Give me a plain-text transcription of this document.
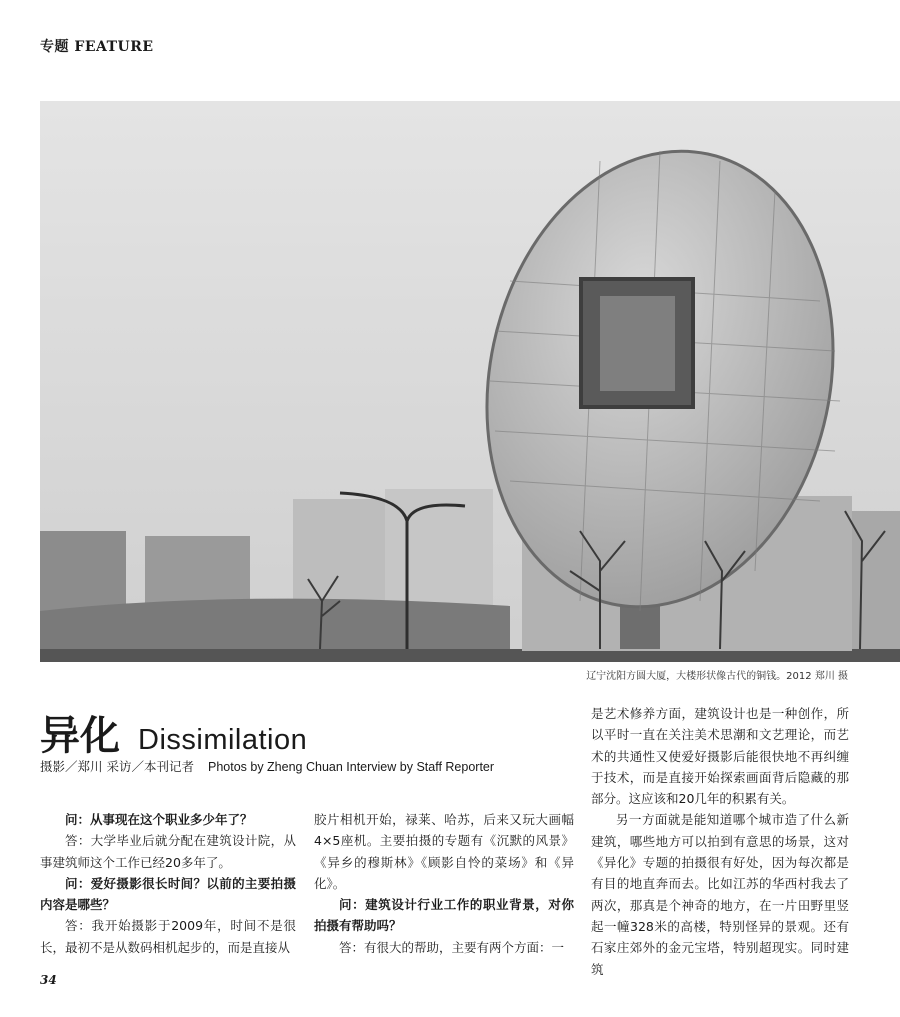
专题 FEATURE
辽宁沈阳方圆大厦，大楼形状像古代的铜钱。2012 郑川 摄
异化 Dissimilation
摄影／郑川 采访／本刊记者 Photos by Zheng Chuan Interview by Staff Reporter

问：从事现在这个职业多少年了？

答：大学毕业后就分配在建筑设计院，从事建筑师这个工作已经20多年了。

问：爱好摄影很长时间？以前的主要拍摄内容是哪些？

答：我开始摄影于2009年，时间不是很长，最初不是从数码相机起步的，而是直接从

胶片相机开始，禄莱、哈苏，后来又玩大画幅4×5座机。主要拍摄的专题有《沉默的风景》《异乡的穆斯林》《顾影自怜的菜场》和《异化》。

问：建筑设计行业工作的职业背景，对你拍摄有帮助吗？

答：有很大的帮助，主要有两个方面：一

是艺术修养方面，建筑设计也是一种创作，所以平时一直在关注美术思潮和文艺理论，而艺术的共通性又使爱好摄影后能很快地不再纠缠于技术，而是直接开始探索画面背后隐藏的那部分。这应该和20几年的积累有关。

另一方面就是能知道哪个城市造了什么新建筑，哪些地方可以拍到有意思的场景，这对《异化》专题的拍摄很有好处，因为每次都是有目的地直奔而去。比如江苏的华西村我去了两次，那真是个神奇的地方，在一片田野里竖起一幢328米的高楼，特别怪异的景观。还有石家庄郊外的金元宝塔，特别超现实。同时建筑

34
